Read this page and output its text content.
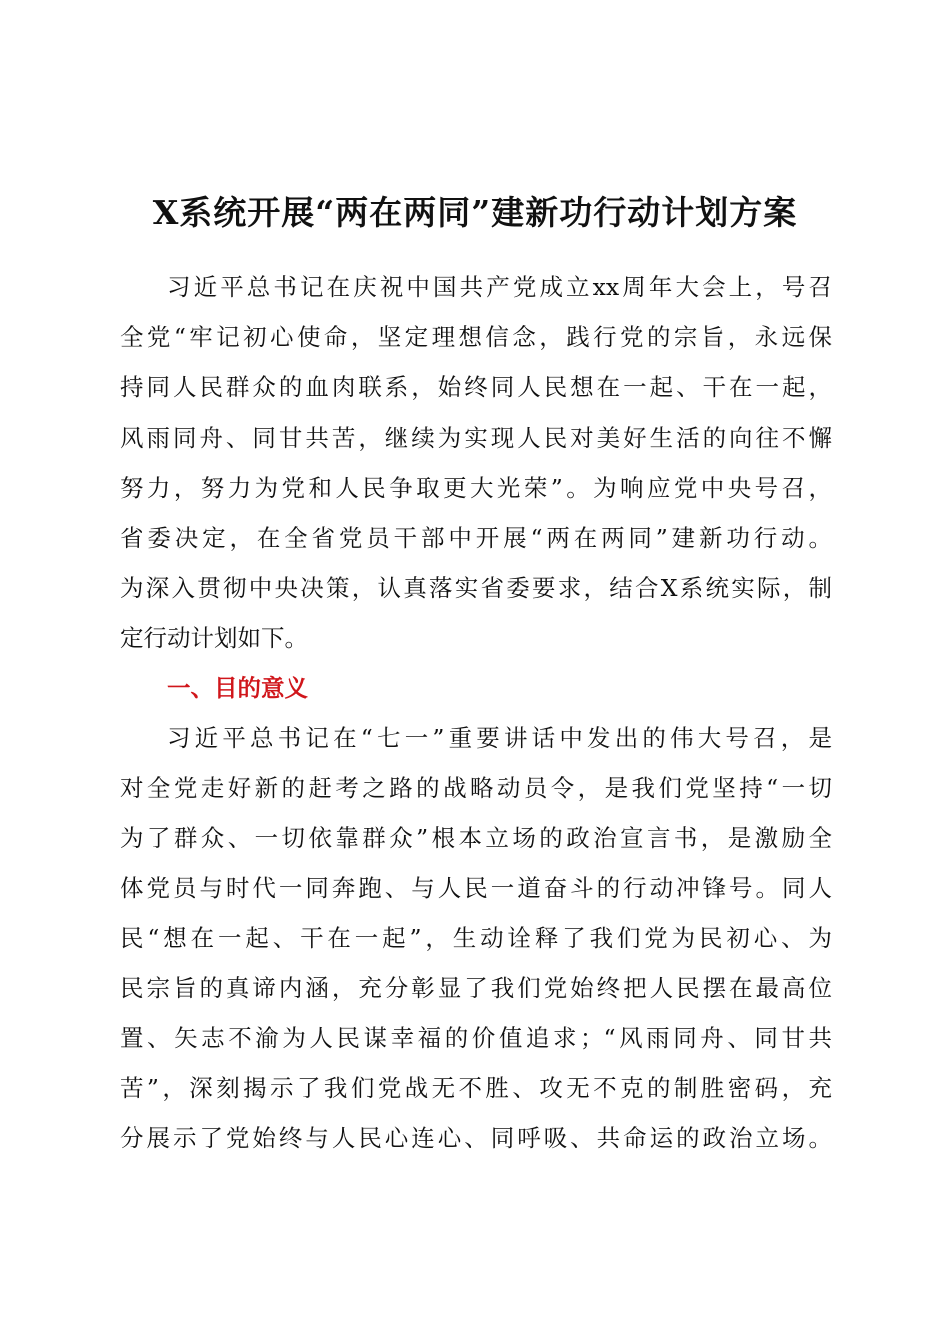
X系统开展“两在两同”建新功行动计划方案
习近平总书记在庆祝中国共产党成立xx周年大会上，号召
全党“牢记初心使命，坚定理想信念，践行党的宗旨，永远保
持同人民群众的血肉联系，始终同人民想在一起、干在一起，
风雨同舟、同甘共苦，继续为实现人民对美好生活的向往不懈
努力，努力为党和人民争取更大光荣”。为响应党中央号召，
省委决定，在全省党员干部中开展“两在两同”建新功行动。
为深入贯彻中央决策，认真落实省委要求，结合X系统实际，制
定行动计划如下。
一、目的意义
习近平总书记在“七一”重要讲话中发出的伟大号召，是
对全党走好新的赶考之路的战略动员令，是我们党坚持“一切
为了群众、一切依靠群众”根本立场的政治宣言书，是激励全
体党员与时代一同奔跑、与人民一道奋斗的行动冲锋号。同人
民“想在一起、干在一起”，生动诠释了我们党为民初心、为
民宗旨的真谛内涵，充分彰显了我们党始终把人民摆在最高位
置、矢志不渝为人民谋幸福的价值追求；“风雨同舟、同甘共
苦”，深刻揭示了我们党战无不胜、攻无不克的制胜密码，充
分展示了党始终与人民心连心、同呼吸、共命运的政治立场。
